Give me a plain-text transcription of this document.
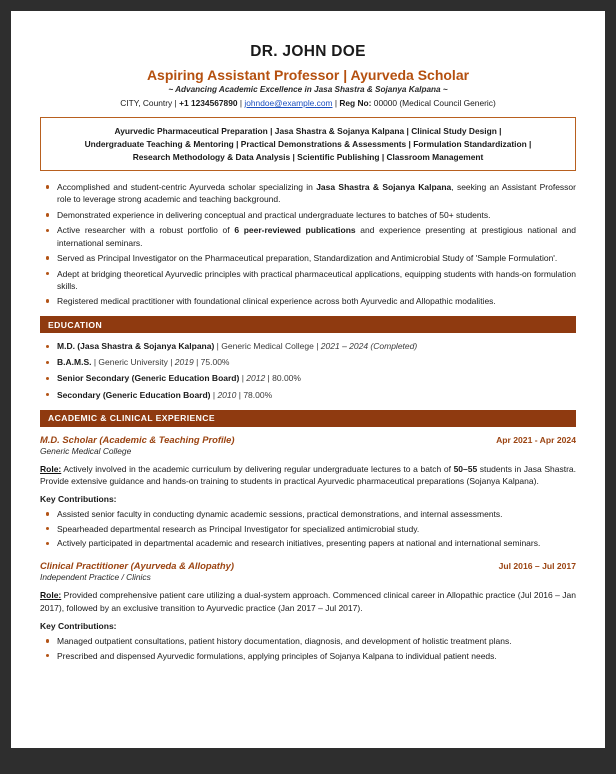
DR. JOHN DOE
Aspiring Assistant Professor | Ayurveda Scholar
~ Advancing Academic Excellence in Jasa Shastra & Sojanya Kalpana ~
CITY, Country | +1 1234567890 | johndoe@example.com | Reg No: 00000 (Medical Council Generic)
Ayurvedic Pharmaceutical Preparation | Jasa Shastra & Sojanya Kalpana | Clinical Study Design |
Undergraduate Teaching & Mentoring | Practical Demonstrations & Assessments | Formulation Standardization |
Research Methodology & Data Analysis | Scientific Publishing | Classroom Management
Accomplished and student-centric Ayurveda scholar specializing in Jasa Shastra & Sojanya Kalpana, seeking an Assistant Professor role to leverage strong academic and teaching background.
Demonstrated experience in delivering conceptual and practical undergraduate lectures to batches of 50+ students.
Active researcher with a robust portfolio of 6 peer-reviewed publications and experience presenting at prestigious national and international seminars.
Served as Principal Investigator on the Pharmaceutical preparation, Standardization and Antimicrobial Study of 'Sample Formulation'.
Adept at bridging theoretical Ayurvedic principles with practical pharmaceutical applications, equipping students with hands-on formulation skills.
Registered medical practitioner with foundational clinical experience across both Ayurvedic and Allopathic modalities.
EDUCATION
M.D. (Jasa Shastra & Sojanya Kalpana) | Generic Medical College | 2021 – 2024 (Completed)
B.A.M.S. | Generic University | 2019 | 75.00%
Senior Secondary (Generic Education Board) | 2012 | 80.00%
Secondary (Generic Education Board) | 2010 | 78.00%
ACADEMIC & CLINICAL EXPERIENCE
M.D. Scholar (Academic & Teaching Profile)	Apr 2021 - Apr 2024
Generic Medical College

Role: Actively involved in the academic curriculum by delivering regular undergraduate lectures to a batch of 50–55 students in Jasa Shastra. Provide extensive guidance and hands-on training to students in practical Ayurvedic pharmaceutical preparations (Sojanya Kalpana).

Key Contributions:
Assisted senior faculty in conducting dynamic academic sessions, practical demonstrations, and internal assessments.
Spearheaded departmental research as Principal Investigator for specialized antimicrobial study.
Actively participated in departmental academic and research initiatives, presenting papers at national and international seminars.
Clinical Practitioner (Ayurveda & Allopathy)	Jul 2016 – Jul 2017
Independent Practice / Clinics

Role: Provided comprehensive patient care utilizing a dual-system approach. Commenced clinical career in Allopathic practice (Jul 2016 – Jan 2017), followed by an exclusive transition to Ayurvedic practice (Jan 2017 – Jul 2017).

Key Contributions:
Managed outpatient consultations, patient history documentation, diagnosis, and development of holistic treatment plans.
Prescribed and dispensed Ayurvedic formulations, applying principles of Sojanya Kalpana to individual patient needs.
